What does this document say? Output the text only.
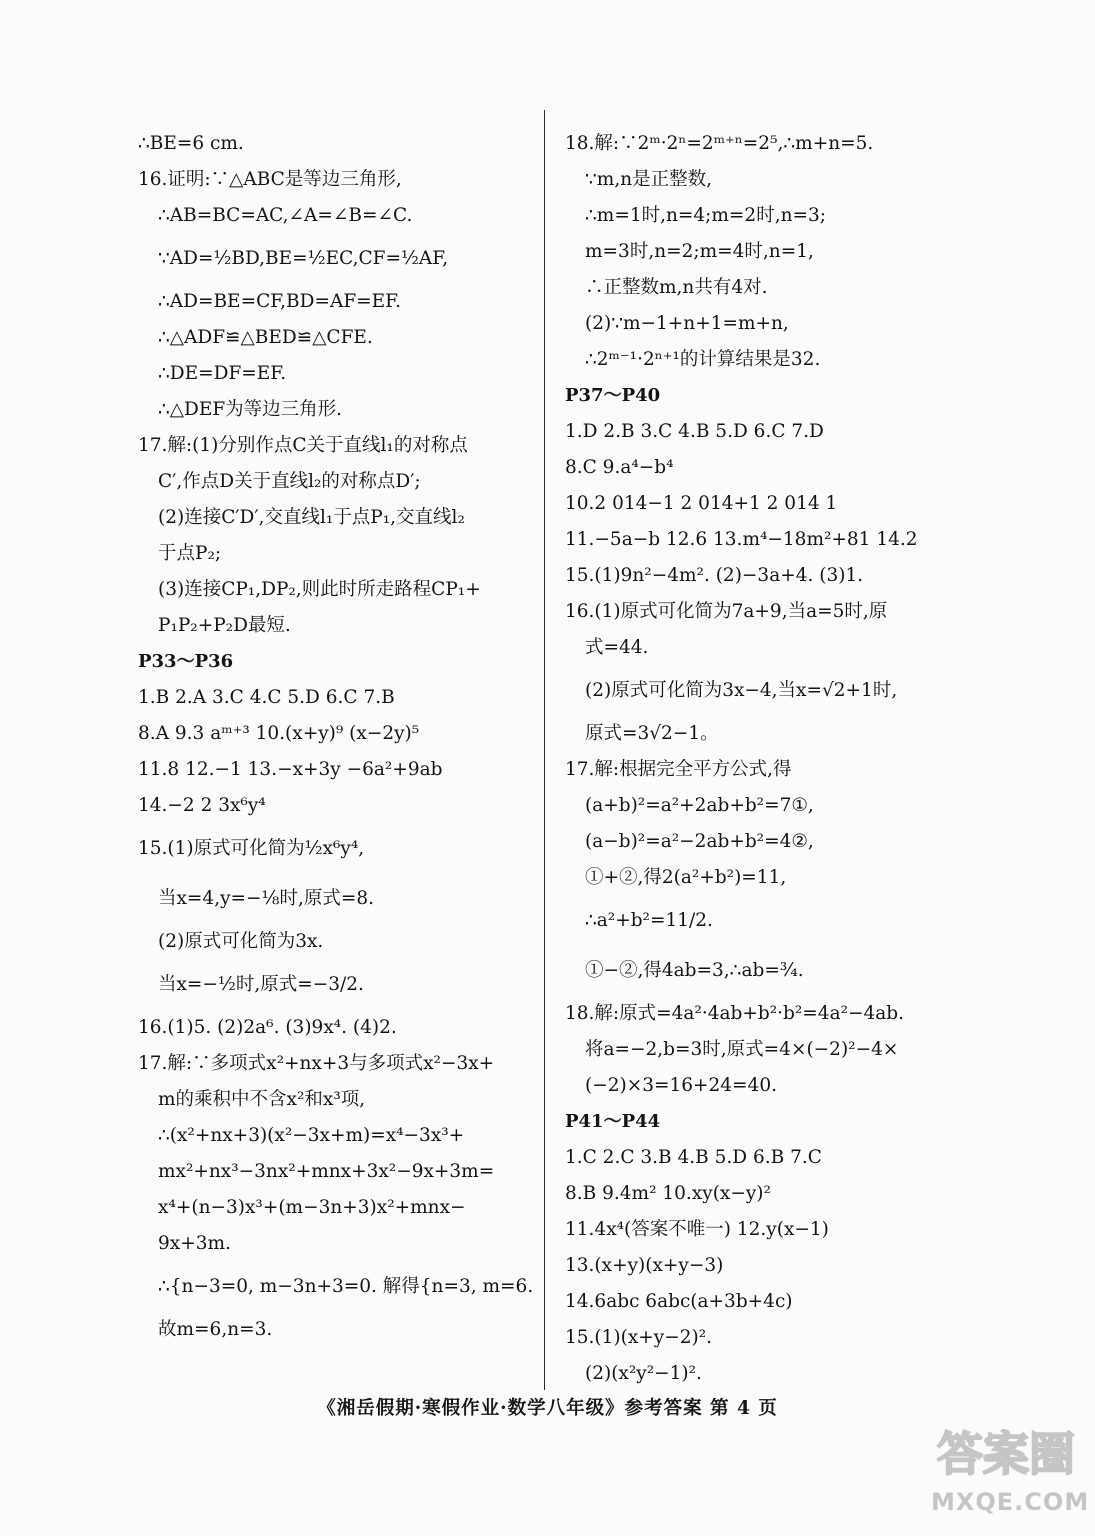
∴BE=6 cm.
16.证明:∵△ABC是等边三角形,
∴AB=BC=AC,∠A=∠B=∠C.
∵AD=½BD,BE=½EC,CF=½AF,
∴AD=BE=CF,BD=AF=EF.
∴△ADF≌△BED≌△CFE.
∴DE=DF=EF.
∴△DEF为等边三角形.
17.解:(1)分别作点C关于直线l₁的对称点
C′,作点D关于直线l₂的对称点D′;
(2)连接C′D′,交直线l₁于点P₁,交直线l₂
于点P₂;
(3)连接CP₁,DP₂,则此时所走路程CP₁+
P₁P₂+P₂D最短.
P33～P36
1.B 2.A 3.C 4.C 5.D 6.C 7.B
8.A 9.3 aᵐ⁺³ 10.(x+y)⁹ (x−2y)⁵
11.8 12.−1 13.−x+3y −6a²+9ab
14.−2 2 3x⁶y⁴
15.(1)原式可化简为½x⁶y⁴,
当x=4,y=−⅛时,原式=8.
(2)原式可化简为3x.
当x=−½时,原式=−3/2.
16.(1)5. (2)2a⁶. (3)9x⁴. (4)2.
17.解:∵多项式x²+nx+3与多项式x²−3x+
m的乘积中不含x²和x³项,
∴(x²+nx+3)(x²−3x+m)=x⁴−3x³+
mx²+nx³−3nx²+mnx+3x²−9x+3m=
x⁴+(n−3)x³+(m−3n+3)x²+mnx−
9x+3m.
∴{n−3=0, m−3n+3=0. 解得{n=3, m=6.
故m=6,n=3.
18.解:∵2ᵐ·2ⁿ=2ᵐ⁺ⁿ=2⁵,∴m+n=5.
∵m,n是正整数,
∴m=1时,n=4;m=2时,n=3;
m=3时,n=2;m=4时,n=1,
∴正整数m,n共有4对.
(2)∵m−1+n+1=m+n,
∴2ᵐ⁻¹·2ⁿ⁺¹的计算结果是32.
P37～P40
1.D 2.B 3.C 4.B 5.D 6.C 7.D
8.C 9.a⁴−b⁴
10.2 014−1 2 014+1 2 014 1
11.−5a−b 12.6 13.m⁴−18m²+81 14.2
15.(1)9n²−4m². (2)−3a+4. (3)1.
16.(1)原式可化简为7a+9,当a=5时,原
式=44.
(2)原式可化简为3x−4,当x=√2+1时,
原式=3√2−1。
17.解:根据完全平方公式,得
(a+b)²=a²+2ab+b²=7①,
(a−b)²=a²−2ab+b²=4②,
①+②,得2(a²+b²)=11,
∴a²+b²=11/2.
①−②,得4ab=3,∴ab=¾.
18.解:原式=4a²·4ab+b²·b²=4a²−4ab.
将a=−2,b=3时,原式=4×(−2)²−4×
(−2)×3=16+24=40.
P41～P44
1.C 2.C 3.B 4.B 5.D 6.B 7.C
8.B 9.4m² 10.xy(x−y)²
11.4x⁴(答案不唯一) 12.y(x−1)
13.(x+y)(x+y−3)
14.6abc 6abc(a+3b+4c)
15.(1)(x+y−2)².
(2)(x²y²−1)².
《湘岳假期·寒假作业·数学八年级》参考答案 第 4 页
答案圈
MXQE.COM
